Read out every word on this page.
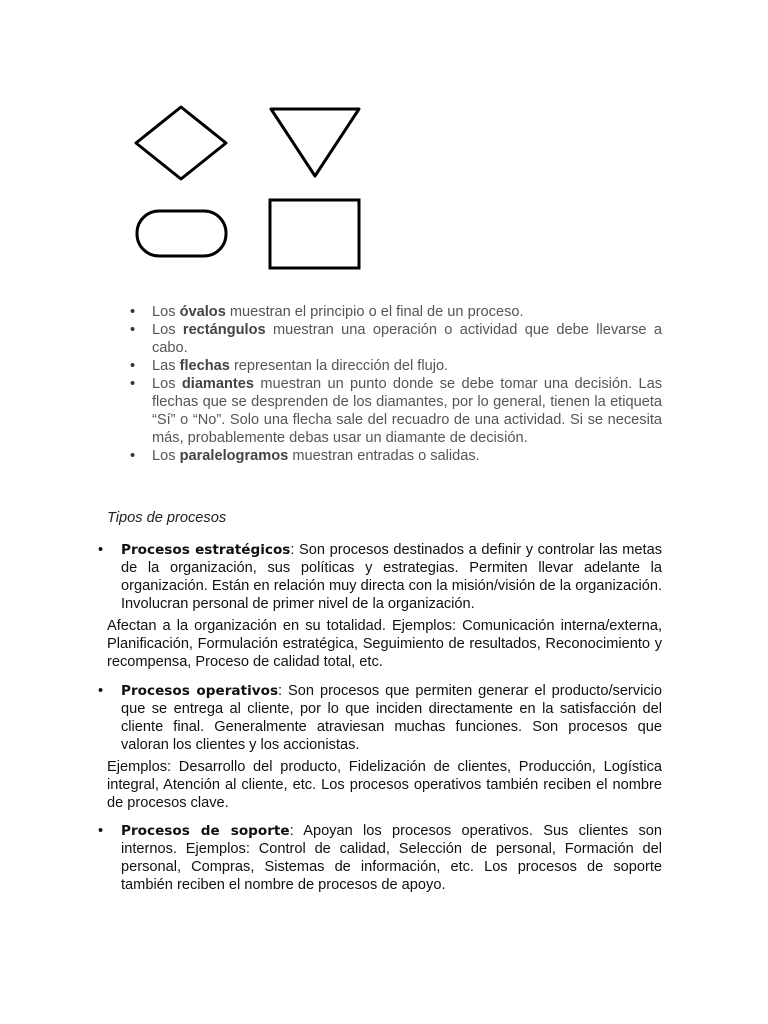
• Los óvalos muestran el principio o el final de un proceso.
• Los rectángulos muestran una operación o actividad que debe llevarse a cabo.
• Las flechas representan la dirección del flujo.
• Los diamantes muestran un punto donde se debe tomar una decisión. Las flechas que se desprenden de los diamantes, por lo general, tienen la etiqueta “Sí” o “No”. Solo una flecha sale del recuadro de una actividad. Si se necesita más, probablemente debas usar un diamante de decisión.
• Los paralelogramos muestran entradas o salidas.
Tipos de procesos
• Procesos estratégicos: Son procesos destinados a definir y controlar las metas de la organización, sus políticas y estrategias. Permiten llevar adelante la organización. Están en relación muy directa con la misión/visión de la organización. Involucran personal de primer nivel de la organización.
Afectan a la organización en su totalidad. Ejemplos: Comunicación interna/externa, Planificación, Formulación estratégica, Seguimiento de resultados, Reconocimiento y recompensa, Proceso de calidad total, etc.
• Procesos operativos: Son procesos que permiten generar el producto/servicio que se entrega al cliente, por lo que inciden directamente en la satisfacción del cliente final. Generalmente atraviesan muchas funciones. Son procesos que valoran los clientes y los accionistas.
Ejemplos: Desarrollo del producto, Fidelización de clientes, Producción, Logística integral, Atención al cliente, etc. Los procesos operativos también reciben el nombre de procesos clave.
• Procesos de soporte: Apoyan los procesos operativos. Sus clientes son internos. Ejemplos: Control de calidad, Selección de personal, Formación del personal, Compras, Sistemas de información, etc. Los procesos de soporte también reciben el nombre de procesos de apoyo.
